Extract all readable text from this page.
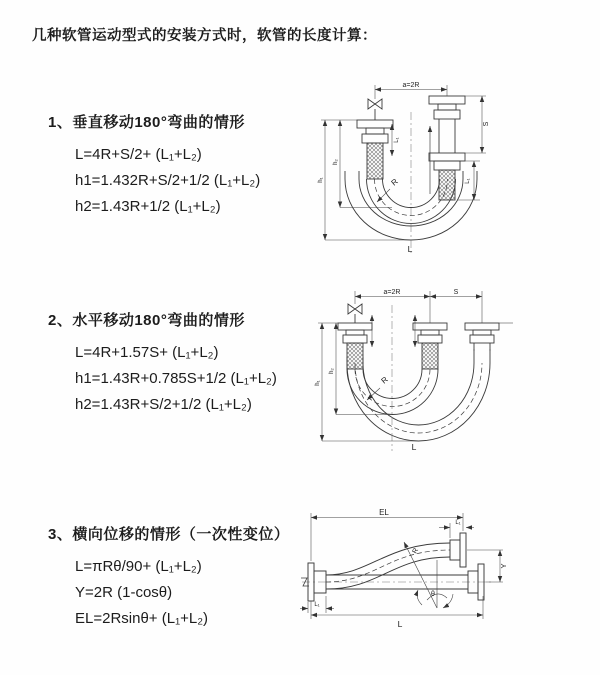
几种软管运动型式的安装方式时，软管的长度计算：
1、垂直移动180°弯曲的情形
L=4R+S/2+ (L₁+L₂)
h1=1.432R+S/2+1/2 (L₁+L₂)
h2=1.43R+1/2 (L₁+L₂)
2、水平移动180°弯曲的情形
L=4R+1.57S+ (L₁+L₂)
h1=1.43R+0.785S+1/2 (L₁+L₂)
h2=1.43R+S/2+1/2 (L₁+L₂)
3、横向位移的情形（一次性变位）
L=πRθ/90+ (L₁+L₂)
Y=2R (1-cosθ)
EL=2Rsinθ+ (L₁+L₂)
a=2R
S
L₁
L₁
h₁
h₂
R
L
a=2R	S
h₁
h₂
R
L
EL
L₁
Y
L₁
R
θ
L
